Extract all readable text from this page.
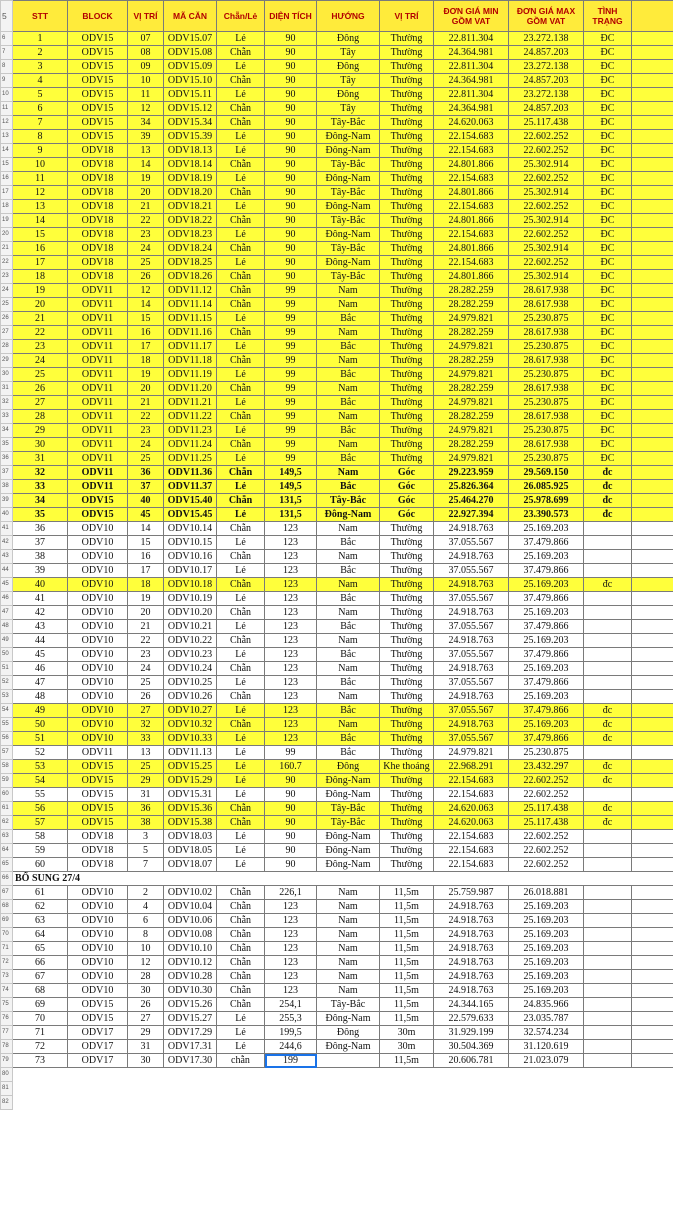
5	STT	BLOCK	VỊ TRÍ	MÃ CĂN	Chẵn/Lẻ	DIỆN TÍCH	HƯỚNG	VỊ TRÍ	ĐƠN GIÁ MIN GỒM VAT	ĐƠN GIÁ MAX GỒM VAT	TÌNH TRẠNG	
6	1	ODV15	07	ODV15.07	Lẻ	90	Đông	Thường	22.811.304	23.272.138	ĐC	
7	2	ODV15	08	ODV15.08	Chẵn	90	Tây	Thường	24.364.981	24.857.203	ĐC	
8	3	ODV15	09	ODV15.09	Lẻ	90	Đông	Thường	22.811.304	23.272.138	ĐC	
9	4	ODV15	10	ODV15.10	Chẵn	90	Tây	Thường	24.364.981	24.857.203	ĐC	
10	5	ODV15	11	ODV15.11	Lẻ	90	Đông	Thường	22.811.304	23.272.138	ĐC	
11	6	ODV15	12	ODV15.12	Chẵn	90	Tây	Thường	24.364.981	24.857.203	ĐC	
12	7	ODV15	34	ODV15.34	Chẵn	90	Tây-Bắc	Thường	24.620.063	25.117.438	ĐC	
13	8	ODV15	39	ODV15.39	Lẻ	90	Đông-Nam	Thường	22.154.683	22.602.252	ĐC	
14	9	ODV18	13	ODV18.13	Lẻ	90	Đông-Nam	Thường	22.154.683	22.602.252	ĐC	
15	10	ODV18	14	ODV18.14	Chẵn	90	Tây-Bắc	Thường	24.801.866	25.302.914	ĐC	
16	11	ODV18	19	ODV18.19	Lẻ	90	Đông-Nam	Thường	22.154.683	22.602.252	ĐC	
17	12	ODV18	20	ODV18.20	Chẵn	90	Tây-Bắc	Thường	24.801.866	25.302.914	ĐC	
18	13	ODV18	21	ODV18.21	Lẻ	90	Đông-Nam	Thường	22.154.683	22.602.252	ĐC	
19	14	ODV18	22	ODV18.22	Chẵn	90	Tây-Bắc	Thường	24.801.866	25.302.914	ĐC	
20	15	ODV18	23	ODV18.23	Lẻ	90	Đông-Nam	Thường	22.154.683	22.602.252	ĐC	
21	16	ODV18	24	ODV18.24	Chẵn	90	Tây-Bắc	Thường	24.801.866	25.302.914	ĐC	
22	17	ODV18	25	ODV18.25	Lẻ	90	Đông-Nam	Thường	22.154.683	22.602.252	ĐC	
23	18	ODV18	26	ODV18.26	Chẵn	90	Tây-Bắc	Thường	24.801.866	25.302.914	ĐC	
24	19	ODV11	12	ODV11.12	Chẵn	99	Nam	Thường	28.282.259	28.617.938	ĐC	
25	20	ODV11	14	ODV11.14	Chẵn	99	Nam	Thường	28.282.259	28.617.938	ĐC	
26	21	ODV11	15	ODV11.15	Lẻ	99	Bắc	Thường	24.979.821	25.230.875	ĐC	
27	22	ODV11	16	ODV11.16	Chẵn	99	Nam	Thường	28.282.259	28.617.938	ĐC	
28	23	ODV11	17	ODV11.17	Lẻ	99	Bắc	Thường	24.979.821	25.230.875	ĐC	
29	24	ODV11	18	ODV11.18	Chẵn	99	Nam	Thường	28.282.259	28.617.938	ĐC	
30	25	ODV11	19	ODV11.19	Lẻ	99	Bắc	Thường	24.979.821	25.230.875	ĐC	
31	26	ODV11	20	ODV11.20	Chẵn	99	Nam	Thường	28.282.259	28.617.938	ĐC	
32	27	ODV11	21	ODV11.21	Lẻ	99	Bắc	Thường	24.979.821	25.230.875	ĐC	
33	28	ODV11	22	ODV11.22	Chẵn	99	Nam	Thường	28.282.259	28.617.938	ĐC	
34	29	ODV11	23	ODV11.23	Lẻ	99	Bắc	Thường	24.979.821	25.230.875	ĐC	
35	30	ODV11	24	ODV11.24	Chẵn	99	Nam	Thường	28.282.259	28.617.938	ĐC	
36	31	ODV11	25	ODV11.25	Lẻ	99	Bắc	Thường	24.979.821	25.230.875	ĐC	
37	32	ODV11	36	ODV11.36	Chẵn	149,5	Nam	Góc	29.223.959	29.569.150	đc	
38	33	ODV11	37	ODV11.37	Lẻ	149,5	Bắc	Góc	25.826.364	26.085.925	đc	
39	34	ODV15	40	ODV15.40	Chẵn	131,5	Tây-Bắc	Góc	25.464.270	25.978.699	đc	
40	35	ODV15	45	ODV15.45	Lẻ	131,5	Đông-Nam	Góc	22.927.394	23.390.573	đc	
41	36	ODV10	14	ODV10.14	Chẵn	123	Nam	Thường	24.918.763	25.169.203		
42	37	ODV10	15	ODV10.15	Lẻ	123	Bắc	Thường	37.055.567	37.479.866		
43	38	ODV10	16	ODV10.16	Chẵn	123	Nam	Thường	24.918.763	25.169.203		
44	39	ODV10	17	ODV10.17	Lẻ	123	Bắc	Thường	37.055.567	37.479.866		
45	40	ODV10	18	ODV10.18	Chẵn	123	Nam	Thường	24.918.763	25.169.203	đc	
46	41	ODV10	19	ODV10.19	Lẻ	123	Bắc	Thường	37.055.567	37.479.866		
47	42	ODV10	20	ODV10.20	Chẵn	123	Nam	Thường	24.918.763	25.169.203		
48	43	ODV10	21	ODV10.21	Lẻ	123	Bắc	Thường	37.055.567	37.479.866		
49	44	ODV10	22	ODV10.22	Chẵn	123	Nam	Thường	24.918.763	25.169.203		
50	45	ODV10	23	ODV10.23	Lẻ	123	Bắc	Thường	37.055.567	37.479.866		
51	46	ODV10	24	ODV10.24	Chẵn	123	Nam	Thường	24.918.763	25.169.203		
52	47	ODV10	25	ODV10.25	Lẻ	123	Bắc	Thường	37.055.567	37.479.866		
53	48	ODV10	26	ODV10.26	Chẵn	123	Nam	Thường	24.918.763	25.169.203		
54	49	ODV10	27	ODV10.27	Lẻ	123	Bắc	Thường	37.055.567	37.479.866	đc	
55	50	ODV10	32	ODV10.32	Chẵn	123	Nam	Thường	24.918.763	25.169.203	đc	
56	51	ODV10	33	ODV10.33	Lẻ	123	Bắc	Thường	37.055.567	37.479.866	đc	
57	52	ODV11	13	ODV11.13	Lẻ	99	Bắc	Thường	24.979.821	25.230.875		
58	53	ODV15	25	ODV15.25	Lẻ	160.7	Đông	Khe thoáng	22.968.291	23.432.297	đc	
59	54	ODV15	29	ODV15.29	Lẻ	90	Đông-Nam	Thường	22.154.683	22.602.252	đc	
60	55	ODV15	31	ODV15.31	Lẻ	90	Đông-Nam	Thường	22.154.683	22.602.252		
61	56	ODV15	36	ODV15.36	Chẵn	90	Tây-Bắc	Thường	24.620.063	25.117.438	đc	
62	57	ODV15	38	ODV15.38	Chẵn	90	Tây-Bắc	Thường	24.620.063	25.117.438	đc	
63	58	ODV18	3	ODV18.03	Lẻ	90	Đông-Nam	Thường	22.154.683	22.602.252		
64	59	ODV18	5	ODV18.05	Lẻ	90	Đông-Nam	Thường	22.154.683	22.602.252		
65	60	ODV18	7	ODV18.07	Lẻ	90	Đông-Nam	Thường	22.154.683	22.602.252		
66	BỔ SUNG 27/4											
67	61	ODV10	2	ODV10.02	Chẵn	226,1	Nam	11,5m	25.759.987	26.018.881		
68	62	ODV10	4	ODV10.04	Chẵn	123	Nam	11,5m	24.918.763	25.169.203		
69	63	ODV10	6	ODV10.06	Chẵn	123	Nam	11,5m	24.918.763	25.169.203		
70	64	ODV10	8	ODV10.08	Chẵn	123	Nam	11,5m	24.918.763	25.169.203		
71	65	ODV10	10	ODV10.10	Chẵn	123	Nam	11,5m	24.918.763	25.169.203		
72	66	ODV10	12	ODV10.12	Chẵn	123	Nam	11,5m	24.918.763	25.169.203		
73	67	ODV10	28	ODV10.28	Chẵn	123	Nam	11,5m	24.918.763	25.169.203		
74	68	ODV10	30	ODV10.30	Chẵn	123	Nam	11,5m	24.918.763	25.169.203		
75	69	ODV15	26	ODV15.26	Chẵn	254,1	Tây-Bắc	11,5m	24.344.165	24.835.966		
76	70	ODV15	27	ODV15.27	Lẻ	255,3	Đông-Nam	11,5m	22.579.633	23.035.787		
77	71	ODV17	29	ODV17.29	Lẻ	199,5	Đông	30m	31.929.199	32.574.234		
78	72	ODV17	31	ODV17.31	Lẻ	244,6	Đông-Nam	30m	30.504.369	31.120.619		
79	73	ODV17	30	ODV17.30	chẵn	199		11,5m	20.606.781	21.023.079		
80												
81												
82												
